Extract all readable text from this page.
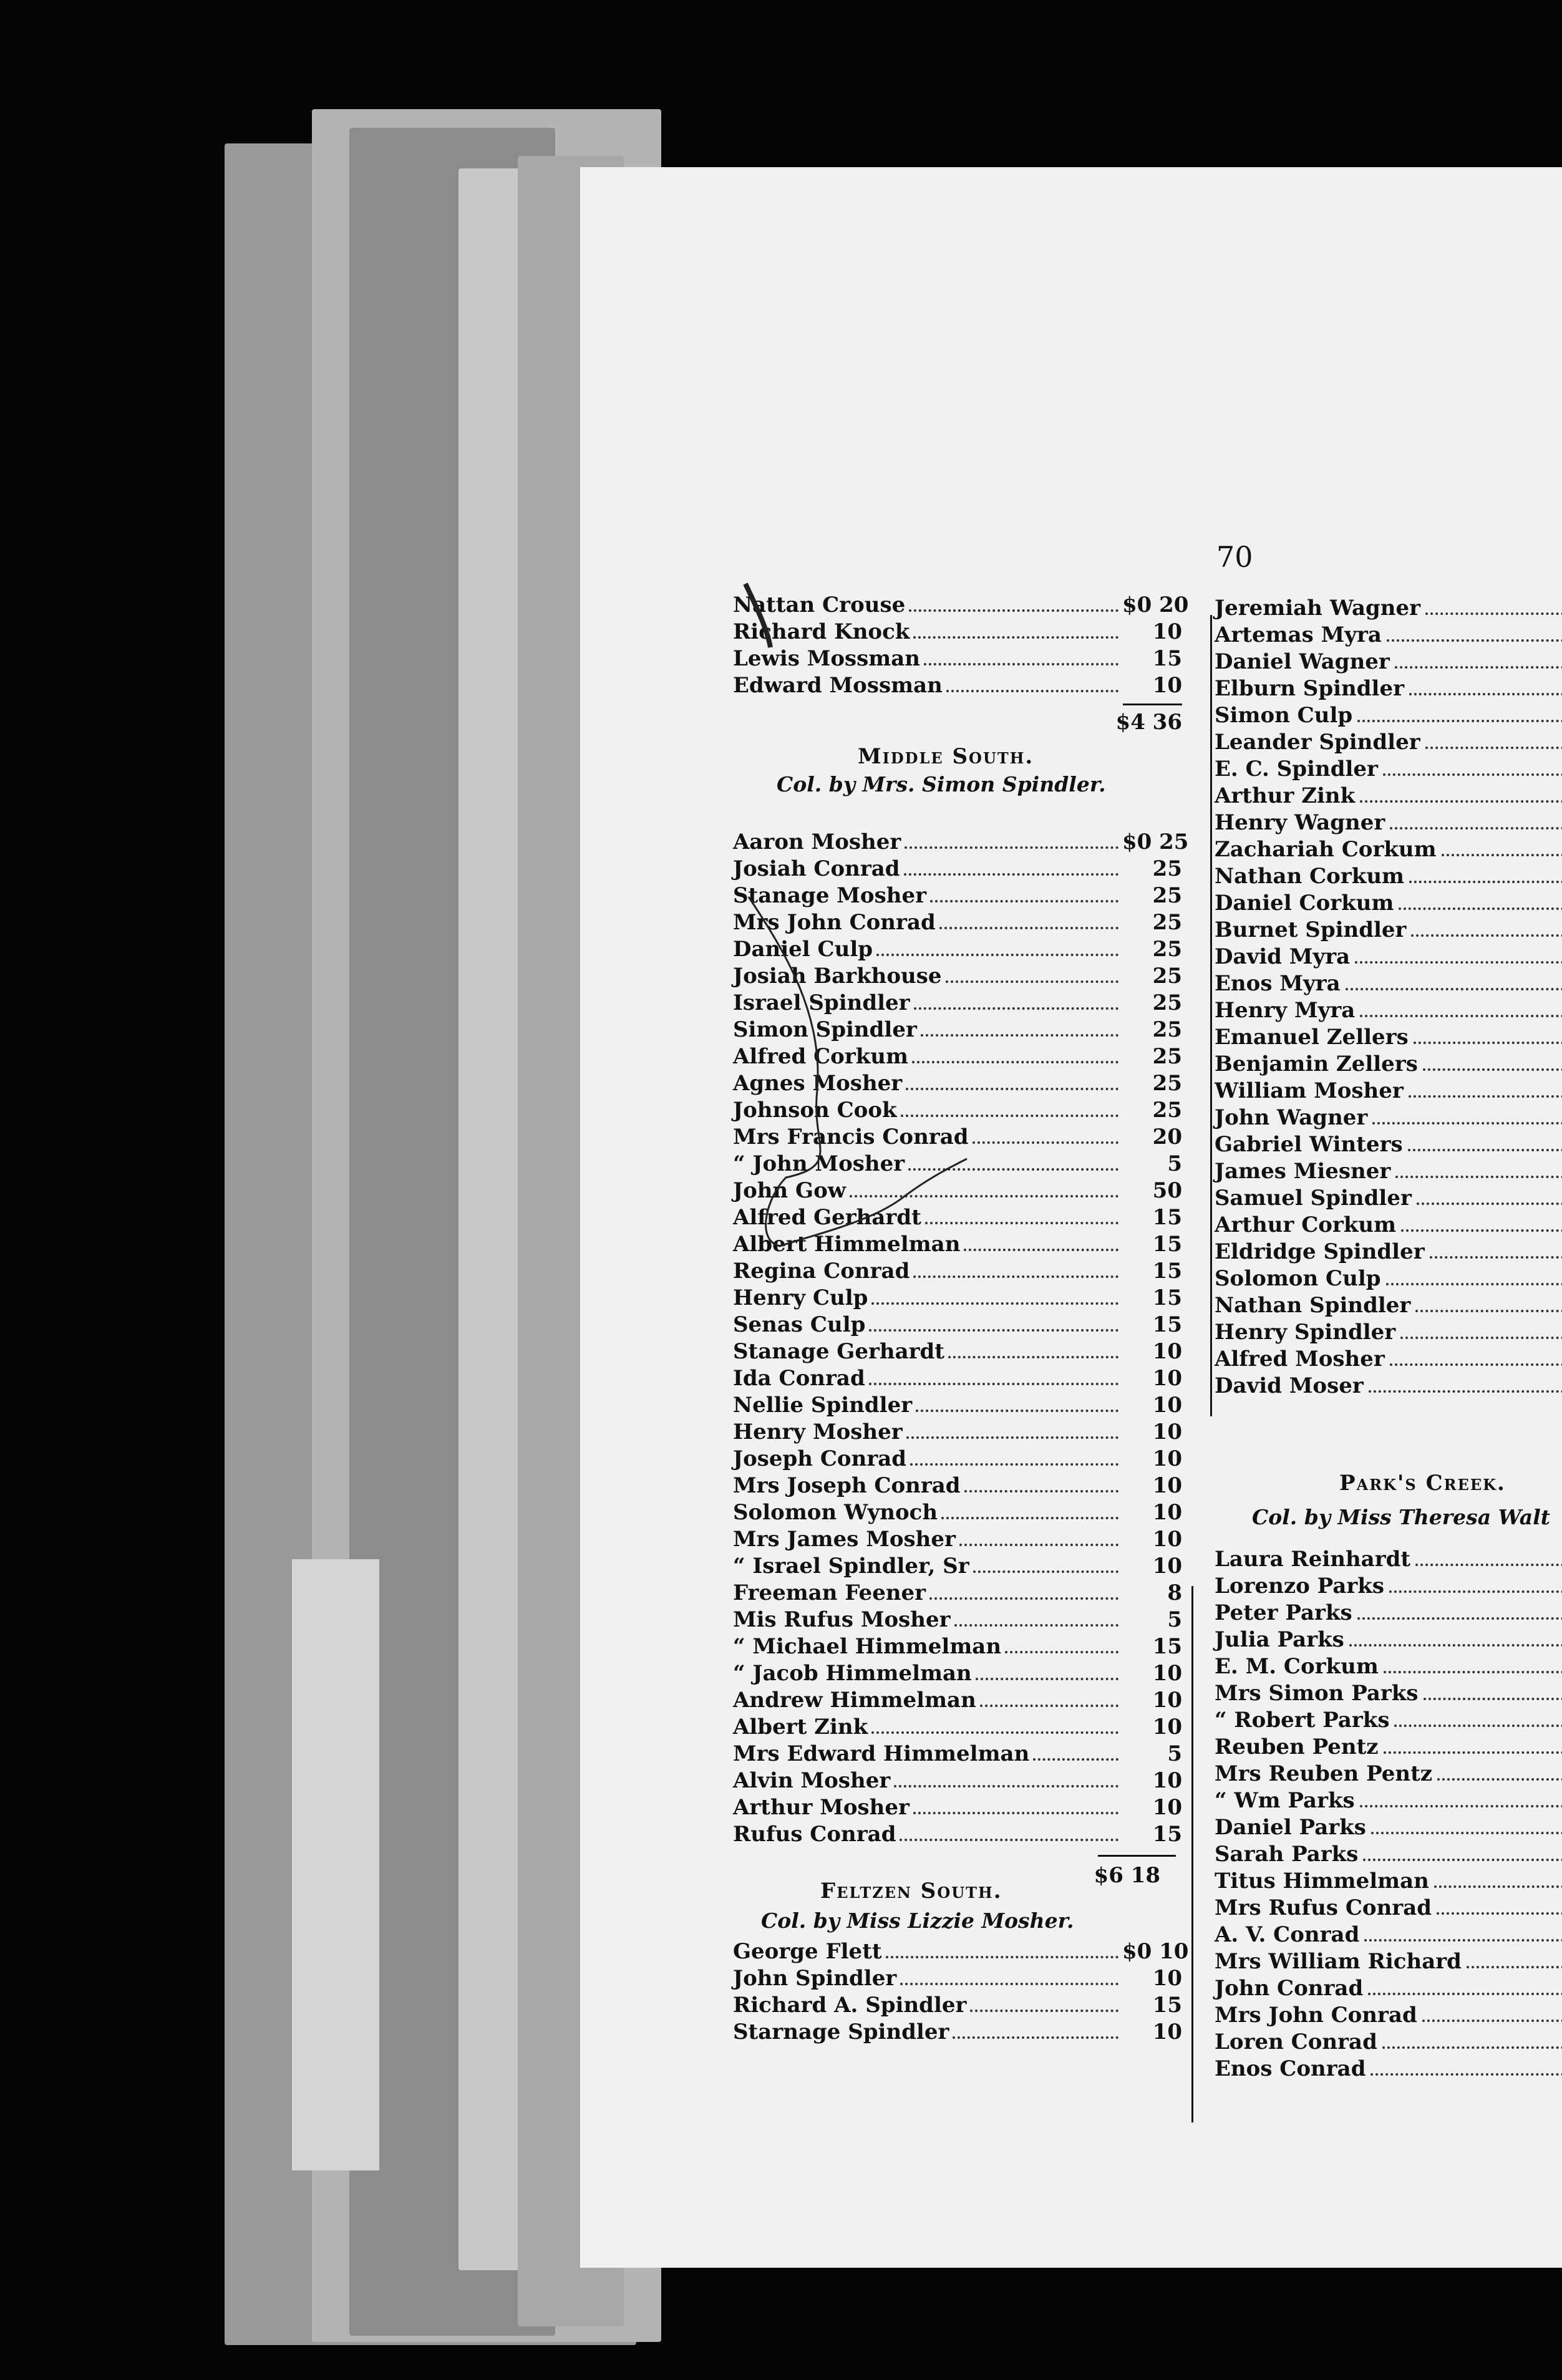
70
Nattan Crouse	$0 20
Richard Knock	10
Lewis Mossman	15
Edward Mossman	10
$4 36
Middle South.
Col. by Mrs. Simon Spindler.
Aaron Mosher	$0 25
Josiah Conrad	25
Stanage Mosher	25
Mrs John Conrad	25
Daniel Culp	25
Josiah Barkhouse	25
Israel Spindler	25
Simon Spindler	25
Alfred Corkum	25
Agnes Mosher	25
Johnson Cook	25
Mrs Francis Conrad	20
“ John Mosher	5
John Gow	50
Alfred Gerhardt	15
Albert Himmelman	15
Regina Conrad	15
Henry Culp	15
Senas Culp	15
Stanage Gerhardt	10
Ida Conrad	10
Nellie Spindler	10
Henry Mosher	10
Joseph Conrad	10
Mrs Joseph Conrad	10
Solomon Wynoch	10
Mrs James Mosher	10
“ Israel Spindler, Sr	10
Freeman Feener	8
Mis Rufus Mosher	5
“ Michael Himmelman	15
“ Jacob Himmelman	10
Andrew Himmelman	10
Albert Zink	10
Mrs Edward Himmelman	5
Alvin Mosher	10
Arthur Mosher	10
Rufus Conrad	15
$6 18
Feltzen South.
Col. by Miss Lizzie Mosher.
George Flett	$0 10
John Spindler	10
Richard A. Spindler	15
Starnage Spindler	10
Jeremiah Wagner
Artemas Myra
Daniel Wagner
Elburn Spindler
Simon Culp
Leander Spindler
E. C. Spindler
Arthur Zink
Henry Wagner
Zachariah Corkum
Nathan Corkum
Daniel Corkum
Burnet Spindler
David Myra
Enos Myra
Henry Myra
Emanuel Zellers
Benjamin Zellers
William Mosher
John Wagner
Gabriel Winters
James Miesner
Samuel Spindler
Arthur Corkum
Eldridge Spindler
Solomon Culp
Nathan Spindler
Henry Spindler
Alfred Mosher
David Moser
Park's Creek.
Col. by Miss Theresa Walt
Laura Reinhardt
Lorenzo Parks
Peter Parks
Julia Parks
E. M. Corkum
Mrs Simon Parks
“ Robert Parks
Reuben Pentz
Mrs Reuben Pentz
“ Wm Parks
Daniel Parks
Sarah Parks
Titus Himmelman
Mrs Rufus Conrad
A. V. Conrad
Mrs William Richard
John Conrad
Mrs John Conrad
Loren Conrad
Enos Conrad
